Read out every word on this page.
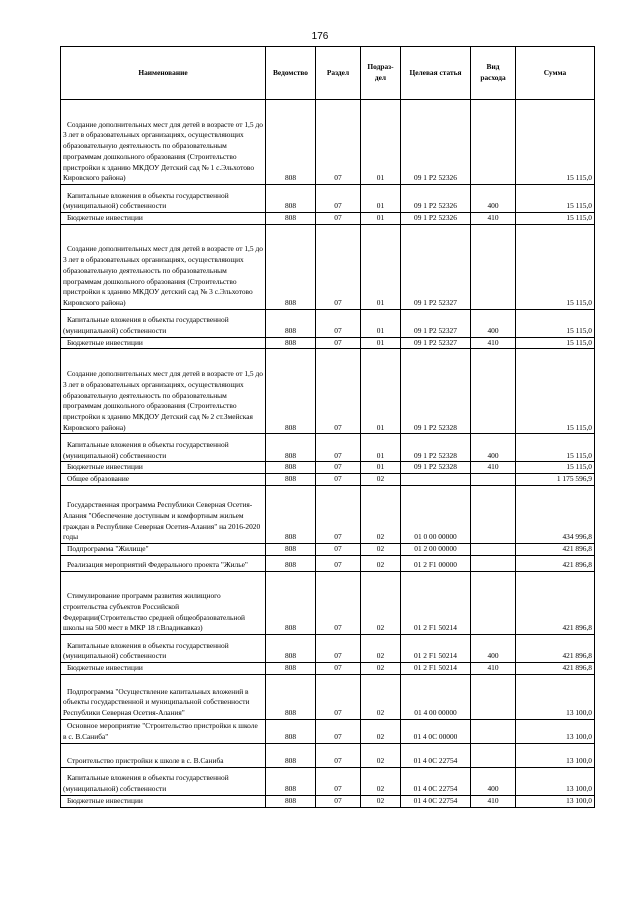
176
Наименование	Ведомство	Раздел	Подраз-дел	Целевая статья	Вид расхода	Сумма
Создание дополнительных мест для детей в возрасте от 1,5 до 3 лет в образовательных организациях, осуществляющих образовательную деятельность по образовательным программам дошкольного образования (Строительство пристройки к зданию МКДОУ Детский сад № 1 с.Эльхотово Кировского района)	808	07	01	09 1 P2 52326		15 115,0
Капитальные вложения в объекты государственной (муниципальной) собственности	808	07	01	09 1 P2 52326	400	15 115,0
Бюджетные инвестиции	808	07	01	09 1 P2 52326	410	15 115,0
Создание дополнительных мест для детей в возрасте от 1,5 до 3 лет в образовательных организациях, осуществляющих образовательную деятельность по образовательным программам дошкольного образования (Строительство пристройки к зданию МКДОУ детский сад № 3 с.Эльхотово Кировского района)	808	07	01	09 1 P2 52327		15 115,0
Капитальные вложения в объекты государственной (муниципальной) собственности	808	07	01	09 1 P2 52327	400	15 115,0
Бюджетные инвестиции	808	07	01	09 1 P2 52327	410	15 115,0
Создание дополнительных мест для детей в возрасте от 1,5 до 3 лет в образовательных организациях, осуществляющих образовательную деятельность по образовательным программам дошкольного образования (Строительство пристройки к зданию МКДОУ Детский сад № 2 ст.Змейская Кировского района)	808	07	01	09 1 P2 52328		15 115,0
Капитальные вложения в объекты государственной (муниципальной) собственности	808	07	01	09 1 P2 52328	400	15 115,0
Бюджетные инвестиции	808	07	01	09 1 P2 52328	410	15 115,0
Общее образование	808	07	02			1 175 596,9
Государственная программа Республики Северная Осетия-Алания "Обеспечение доступным и комфортным жильем граждан в Республике Северная Осетия-Алания" на 2016-2020 годы	808	07	02	01 0 00 00000		434 996,8
Подпрограмма "Жилище"	808	07	02	01 2 00 00000		421 896,8
Реализация мероприятий Федерального проекта "Жилье"	808	07	02	01 2 F1 00000		421 896,8
Стимулирование программ развития жилищного строительства субъектов Российской Федерации(Строительство средней общеобразовательной школы на 500 мест в МКР 18 г.Владикавказ)	808	07	02	01 2 F1 50214		421 896,8
Капитальные вложения в объекты государственной (муниципальной) собственности	808	07	02	01 2 F1 50214	400	421 896,8
Бюджетные инвестиции	808	07	02	01 2 F1 50214	410	421 896,8
Подпрограмма "Осуществление капитальных вложений в объекты государственной и муниципальной собственности Республики Северная Осетия-Алания"	808	07	02	01 4 00 00000		13 100,0
Основное мероприятие "Строительство пристройки к школе в с. В.Саниба"	808	07	02	01 4 0С 00000		13 100,0
Строительство пристройки к школе в с. В.Саниба	808	07	02	01 4 0С 22754		13 100,0
Капитальные вложения в объекты государственной (муниципальной) собственности	808	07	02	01 4 0С 22754	400	13 100,0
Бюджетные инвестиции	808	07	02	01 4 0С 22754	410	13 100,0
